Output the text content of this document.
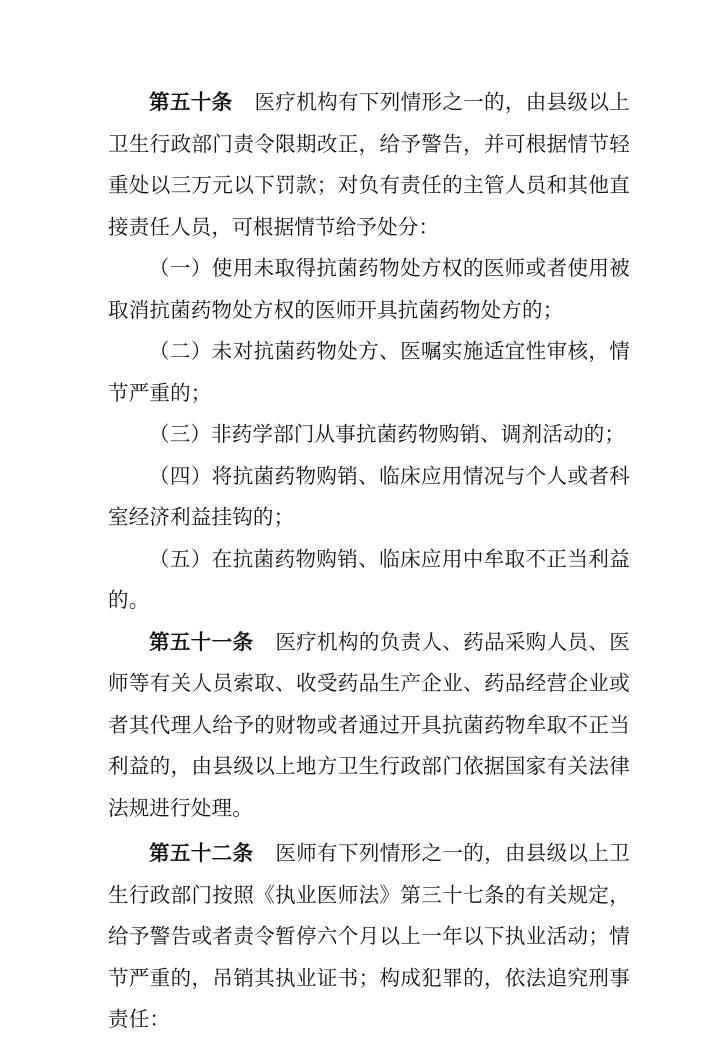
第五十条 医疗机构有下列情形之一的，由县级以上卫生行政部门责令限期改正，给予警告，并可根据情节轻重处以三万元以下罚款；对负有责任的主管人员和其他直接责任人员，可根据情节给予处分：

（一）使用未取得抗菌药物处方权的医师或者使用被取消抗菌药物处方权的医师开具抗菌药物处方的；

（二）未对抗菌药物处方、医嘱实施适宜性审核，情节严重的；

（三）非药学部门从事抗菌药物购销、调剂活动的；

（四）将抗菌药物购销、临床应用情况与个人或者科室经济利益挂钩的；

（五）在抗菌药物购销、临床应用中牟取不正当利益的。

第五十一条 医疗机构的负责人、药品采购人员、医师等有关人员索取、收受药品生产企业、药品经营企业或者其代理人给予的财物或者通过开具抗菌药物牟取不正当利益的，由县级以上地方卫生行政部门依据国家有关法律法规进行处理。

第五十二条 医师有下列情形之一的，由县级以上卫生行政部门按照《执业医师法》第三十七条的有关规定，给予警告或者责令暂停六个月以上一年以下执业活动；情节严重的，吊销其执业证书；构成犯罪的，依法追究刑事责任：
